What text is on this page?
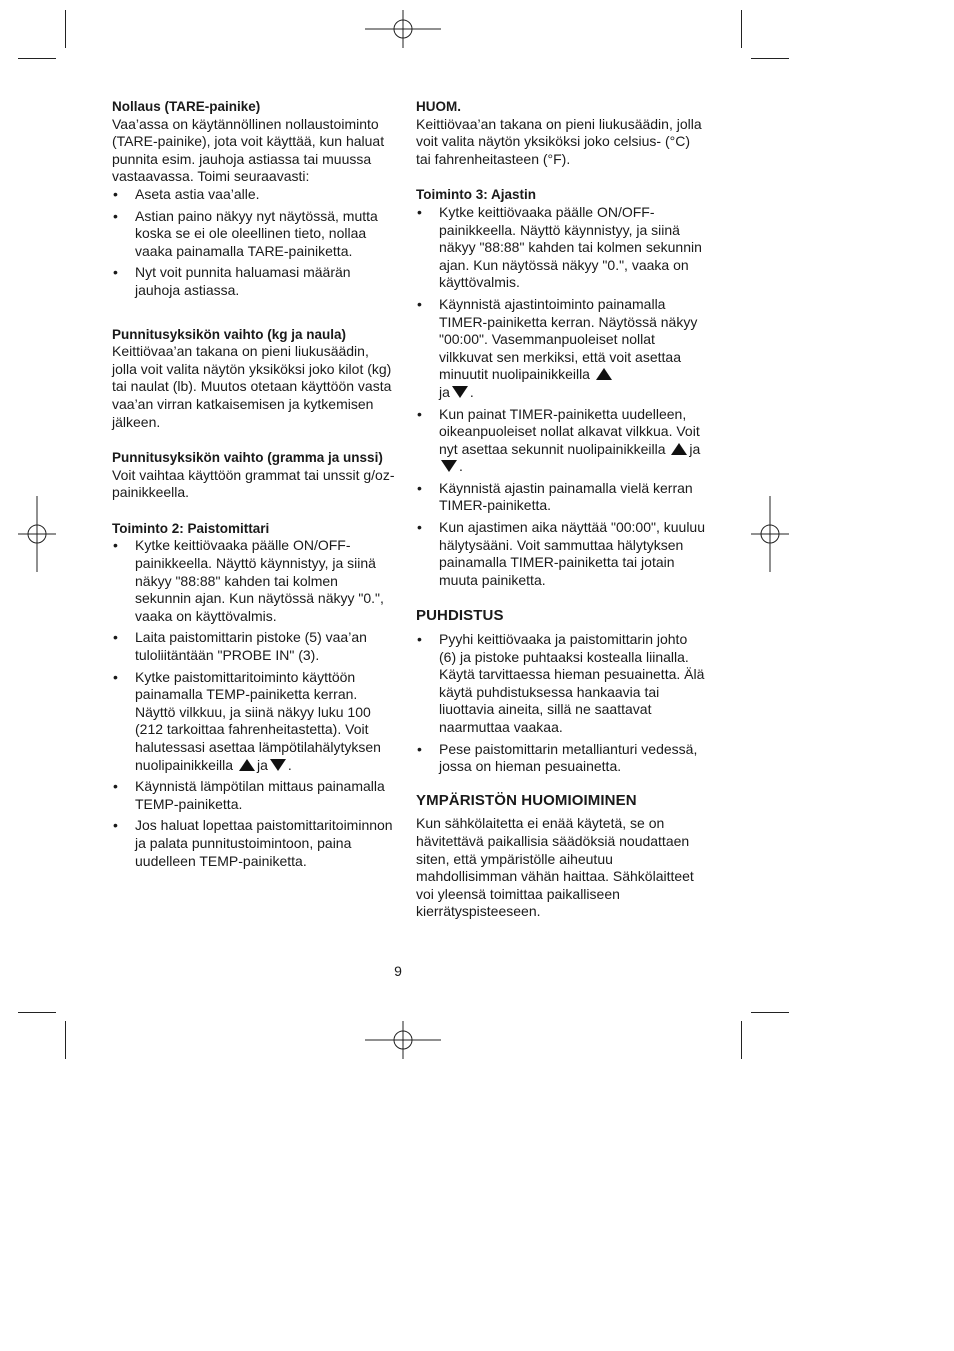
Nollaus (TARE-painike)

Vaa’assa on käytännöllinen nollaustoiminto (TARE-painike), jota voit käyttää, kun haluat punnita esim. jauhoja astiassa tai muussa vastaavassa. Toimi seuraavasti:

• Aseta astia vaa’alle.
• Astian paino näkyy nyt näytössä, mutta koska se ei ole oleellinen tieto, nollaa vaaka painamalla TARE-painiketta.
• Nyt voit punnita haluamasi määrän jauhoja astiassa.

Punnitusyksikön vaihto (kg ja naula)

Keittiövaa’an takana on pieni liukusäädin, jolla voit valita näytön yksiköksi joko kilot (kg) tai naulat (lb). Muutos otetaan käyttöön vasta vaa’an virran katkaisemisen ja kytkemisen jälkeen.

Punnitusyksikön vaihto (gramma ja unssi)

Voit vaihtaa käyttöön grammat tai unssit g/oz-painikkeella.

Toiminto 2: Paistomittari

• Kytke keittiövaaka päälle ON/OFF-painikkeella. Näyttö käynnistyy, ja siinä näkyy "88:88" kahden tai kolmen sekunnin ajan. Kun näytössä näkyy "0.", vaaka on käyttövalmis.
• Laita paistomittarin pistoke (5) vaa’an tuloliitäntään "PROBE IN" (3).
• Kytke paistomittaritoiminto käyttöön painamalla TEMP-painiketta kerran. Näyttö vilkkuu, ja siinä näkyy luku 100 (212 tarkoittaa fahrenheitastetta). Voit halutessasi asettaa lämpötilahälytyksen nuolipainikkeilla ja .
• Käynnistä lämpötilan mittaus painamalla TEMP-painiketta.
• Jos haluat lopettaa paistomittaritoiminnon ja palata punnitustoimintoon, paina uudelleen TEMP-painiketta.

HUOM.

Keittiövaa’an takana on pieni liukusäädin, jolla voit valita näytön yksiköksi joko celsius- (°C) tai fahrenheitasteen (°F).

Toiminto 3: Ajastin

• Kytke keittiövaaka päälle ON/OFF-painikkeella. Näyttö käynnistyy, ja siinä näkyy "88:88" kahden tai kolmen sekunnin ajan. Kun näytössä näkyy "0.", vaaka on käyttövalmis.
• Käynnistä ajastintoiminto painamalla TIMER-painiketta kerran. Näytössä näkyy "00:00". Vasemmanpuoleiset nollat vilkkuvat sen merkiksi, että voit asettaa minuutit nuolipainikkeilla
ja .
• Kun painat TIMER-painiketta uudelleen, oikeanpuoleiset nollat alkavat vilkkua. Voit nyt asettaa sekunnit nuolipainikkeilla ja.
• Käynnistä ajastin painamalla vielä kerran TIMER-painiketta.
• Kun ajastimen aika näyttää "00:00", kuuluu hälytysääni. Voit sammuttaa hälytyksen painamalla TIMER-painiketta tai jotain muuta painiketta.

PUHDISTUS

• Pyyhi keittiövaaka ja paistomittarin johto (6) ja pistoke puhtaaksi kostealla liinalla. Käytä tarvittaessa hieman pesuainetta. Älä käytä puhdistuksessa hankaavia tai liuottavia aineita, sillä ne saattavat naarmuttaa vaakaa.
• Pese paistomittarin metallianturi vedessä, jossa on hieman pesuainetta.

YMPÄRISTÖN HUOMIOIMINEN

Kun sähkölaitetta ei enää käytetä, se on hävitettävä paikallisia säädöksiä noudattaen siten, että ympäristölle aiheutuu mahdollisimman vähän haittaa. Sähkölaitteet voi yleensä toimittaa paikalliseen kierrätyspisteeseen.

9
